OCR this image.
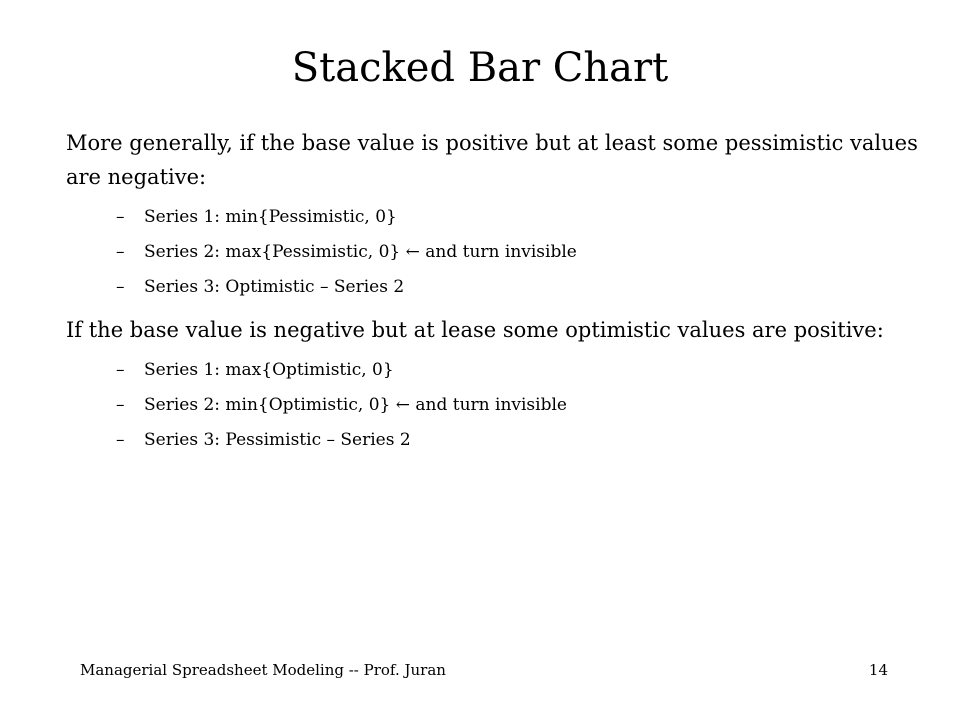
Stacked Bar Chart

More generally, if the base value is positive but at least some pessimistic values are negative:

– Series 1: min{Pessimistic, 0}
– Series 2: max{Pessimistic, 0} ← and turn invisible
– Series 3: Optimistic – Series 2

If the base value is negative but at lease some optimistic values are positive:

– Series 1: max{Optimistic, 0}
– Series 2: min{Optimistic, 0} ← and turn invisible
– Series 3: Pessimistic – Series 2
Managerial Spreadsheet Modeling -- Prof. Juran	14
